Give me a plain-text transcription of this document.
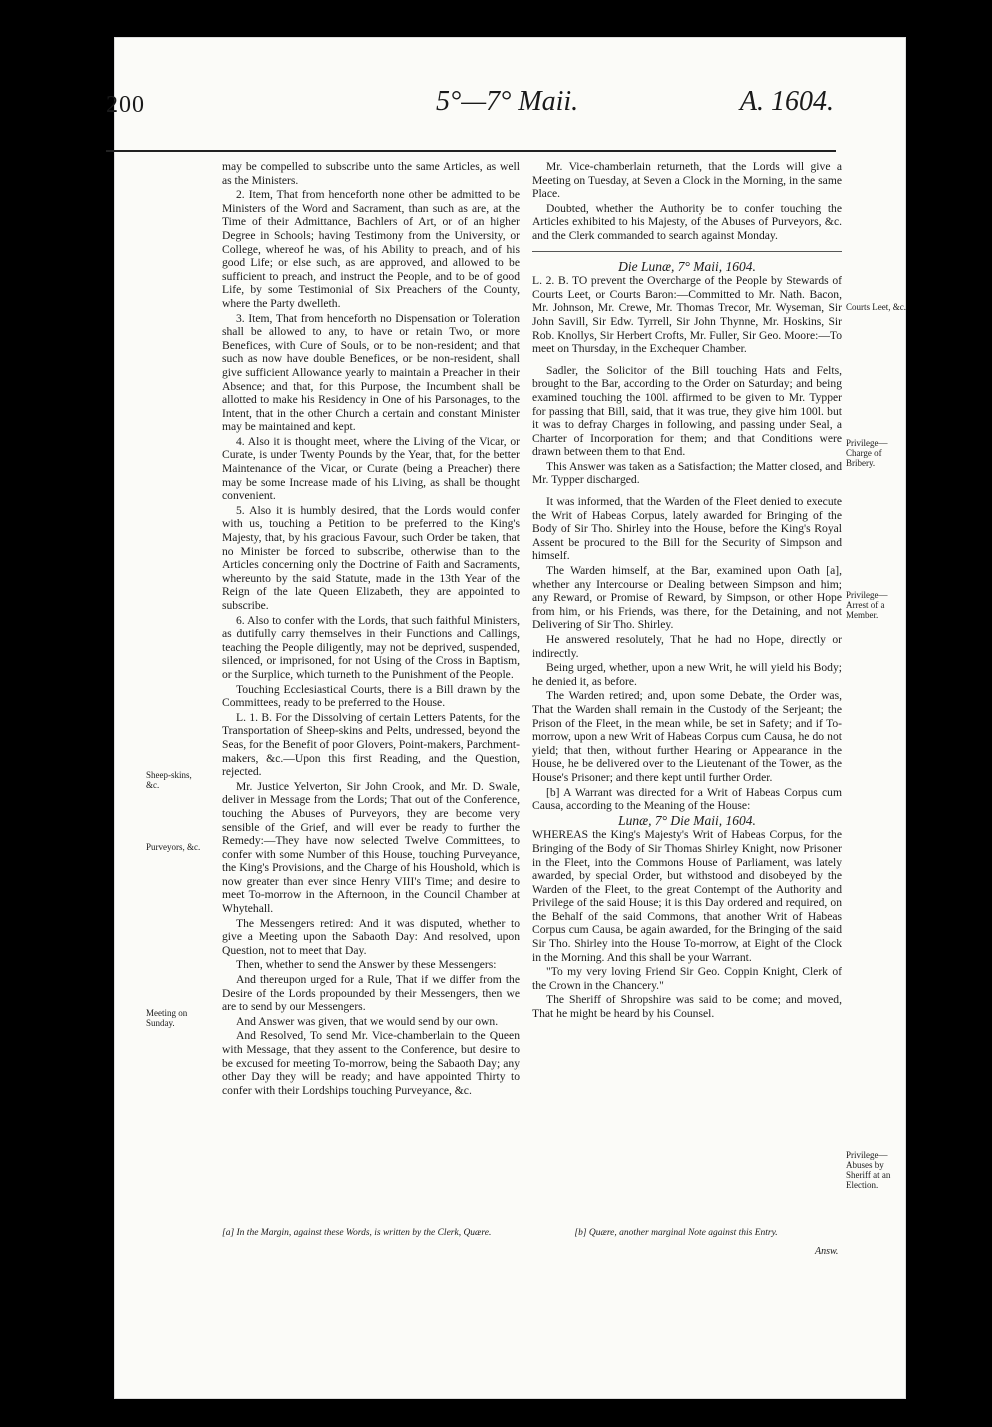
200	5°—7° Maii.	A. 1604.

may be compelled to subscribe unto the same Articles, as well as the Ministers.

2. Item, That from henceforth none other be admitted to be Ministers of the Word and Sacrament, than such as are, at the Time of their Admittance, Bachlers of Art, or of an higher Degree in Schools; having Testimony from the University, or College, whereof he was, of his Ability to preach, and of his good Life; or else such, as are approved, and allowed to be sufficient to preach, and instruct the People, and to be of good Life, by some Testimonial of Six Preachers of the County, where the Party dwelleth.

3. Item, That from henceforth no Dispensation or Toleration shall be allowed to any, to have or retain Two, or more Benefices, with Cure of Souls, or to be non-resident; and that such as now have double Benefices, or be non-resident, shall give sufficient Allowance yearly to maintain a Preacher in their Absence; and that, for this Purpose, the Incumbent shall be allotted to make his Residency in One of his Parsonages, to the Intent, that in the other Church a certain and constant Minister may be maintained and kept.

4. Also it is thought meet, where the Living of the Vicar, or Curate, is under Twenty Pounds by the Year, that, for the better Maintenance of the Vicar, or Curate (being a Preacher) there may be some Increase made of his Living, as shall be thought convenient.

5. Also it is humbly desired, that the Lords would confer with us, touching a Petition to be preferred to the King's Majesty, that, by his gracious Favour, such Order be taken, that no Minister be forced to subscribe, otherwise than to the Articles concerning only the Doctrine of Faith and Sacraments, whereunto by the said Statute, made in the 13th Year of the Reign of the late Queen Elizabeth, they are appointed to subscribe.

6. Also to confer with the Lords, that such faithful Ministers, as dutifully carry themselves in their Functions and Callings, teaching the People diligently, may not be deprived, suspended, silenced, or imprisoned, for not Using of the Cross in Baptism, or the Surplice, which turneth to the Punishment of the People.

Touching Ecclesiastical Courts, there is a Bill drawn by the Committees, ready to be preferred to the House.

L. 1. B. For the Dissolving of certain Letters Patents, for the Transportation of Sheep-skins and Pelts, undressed, beyond the Seas, for the Benefit of poor Glovers, Point-makers, Parchment-makers, &c.—Upon this first Reading, and the Question, rejected.

Mr. Justice Yelverton, Sir John Crook, and Mr. D. Swale, deliver in Message from the Lords; That out of the Conference, touching the Abuses of Purveyors, they are become very sensible of the Grief, and will ever be ready to further the Remedy:—They have now selected Twelve Committees, to confer with some Number of this House, touching Purveyance, the King's Provisions, and the Charge of his Houshold, which is now greater than ever since Henry VIII's Time; and desire to meet To-morrow in the Afternoon, in the Council Chamber at Whytehall.

The Messengers retired: And it was disputed, whether to give a Meeting upon the Sabaoth Day: And resolved, upon Question, not to meet that Day.

Then, whether to send the Answer by these Messengers:

And thereupon urged for a Rule, That if we differ from the Desire of the Lords propounded by their Messengers, then we are to send by our Messengers.

And Answer was given, that we would send by our own.

And Resolved, To send Mr. Vice-chamberlain to the Queen with Message, that they assent to the Conference, but desire to be excused for meeting To-morrow, being the Sabaoth Day; any other Day they will be ready; and have appointed Thirty to confer with their Lordships touching Purveyance, &c.

Sheep-skins, &c.
Purveyors, &c.
Meeting on Sunday.

Mr. Vice-chamberlain returneth, that the Lords will give a Meeting on Tuesday, at Seven a Clock in the Morning, in the same Place.

Doubted, whether the Authority be to confer touching the Articles exhibited to his Majesty, of the Abuses of Purveyors, &c. and the Clerk commanded to search against Monday.

Die Lunæ, 7° Maii, 1604.

L. 2. B. TO prevent the Overcharge of the People by Stewards of Courts Leet, or Courts Baron:—Committed to Mr. Nath. Bacon, Mr. Johnson, Mr. Crewe, Mr. Thomas Trecor, Mr. Wyseman, Sir John Savill, Sir Edw. Tyrrell, Sir John Thynne, Mr. Hoskins, Sir Rob. Knollys, Sir Herbert Crofts, Mr. Fuller, Sir Geo. Moore:—To meet on Thursday, in the Exchequer Chamber.

Sadler, the Solicitor of the Bill touching Hats and Felts, brought to the Bar, according to the Order on Saturday; and being examined touching the 100l. affirmed to be given to Mr. Typper for passing that Bill, said, that it was true, they give him 100l. but it was to defray Charges in following, and passing under Seal, a Charter of Incorporation for them; and that Conditions were drawn between them to that End.

This Answer was taken as a Satisfaction; the Matter closed, and Mr. Typper discharged.

It was informed, that the Warden of the Fleet denied to execute the Writ of Habeas Corpus, lately awarded for Bringing of the Body of Sir Tho. Shirley into the House, before the King's Royal Assent be procured to the Bill for the Security of Simpson and himself.

The Warden himself, at the Bar, examined upon Oath [a], whether any Intercourse or Dealing between Simpson and him; any Reward, or Promise of Reward, by Simpson, or other Hope from him, or his Friends, was there, for the Detaining, and not Delivering of Sir Tho. Shirley.

He answered resolutely, That he had no Hope, directly or indirectly.

Being urged, whether, upon a new Writ, he will yield his Body; he denied it, as before.

The Warden retired; and, upon some Debate, the Order was, That the Warden shall remain in the Custody of the Serjeant; the Prison of the Fleet, in the mean while, be set in Safety; and if To-morrow, upon a new Writ of Habeas Corpus cum Causa, he do not yield; that then, without further Hearing or Appearance in the House, he be delivered over to the Lieutenant of the Tower, as the House's Prisoner; and there kept until further Order.

[b] A Warrant was directed for a Writ of Habeas Corpus cum Causa, according to the Meaning of the House:

Lunæ, 7° Die Maii, 1604.

WHEREAS the King's Majesty's Writ of Habeas Corpus, for the Bringing of the Body of Sir Thomas Shirley Knight, now Prisoner in the Fleet, into the Commons House of Parliament, was lately awarded, by special Order, but withstood and disobeyed by the Warden of the Fleet, to the great Contempt of the Authority and Privilege of the said House; it is this Day ordered and required, on the Behalf of the said Commons, that another Writ of Habeas Corpus cum Causa, be again awarded, for the Bringing of the said Sir Tho. Shirley into the House To-morrow, at Eight of the Clock in the Morning. And this shall be your Warrant.

"To my very loving Friend Sir Geo. Coppin Knight, Clerk of the Crown in the Chancery."

The Sheriff of Shropshire was said to be come; and moved, That he might be heard by his Counsel.

Courts Leet, &c.
Privilege—Charge of Bribery.
Privilege—Arrest of a Member.
Privilege—Abuses by Sheriff at an Election.
[a] In the Margin, against these Words, is written by the Clerk, Quære.	[b] Quære, another marginal Note against this Entry.
Answ.
